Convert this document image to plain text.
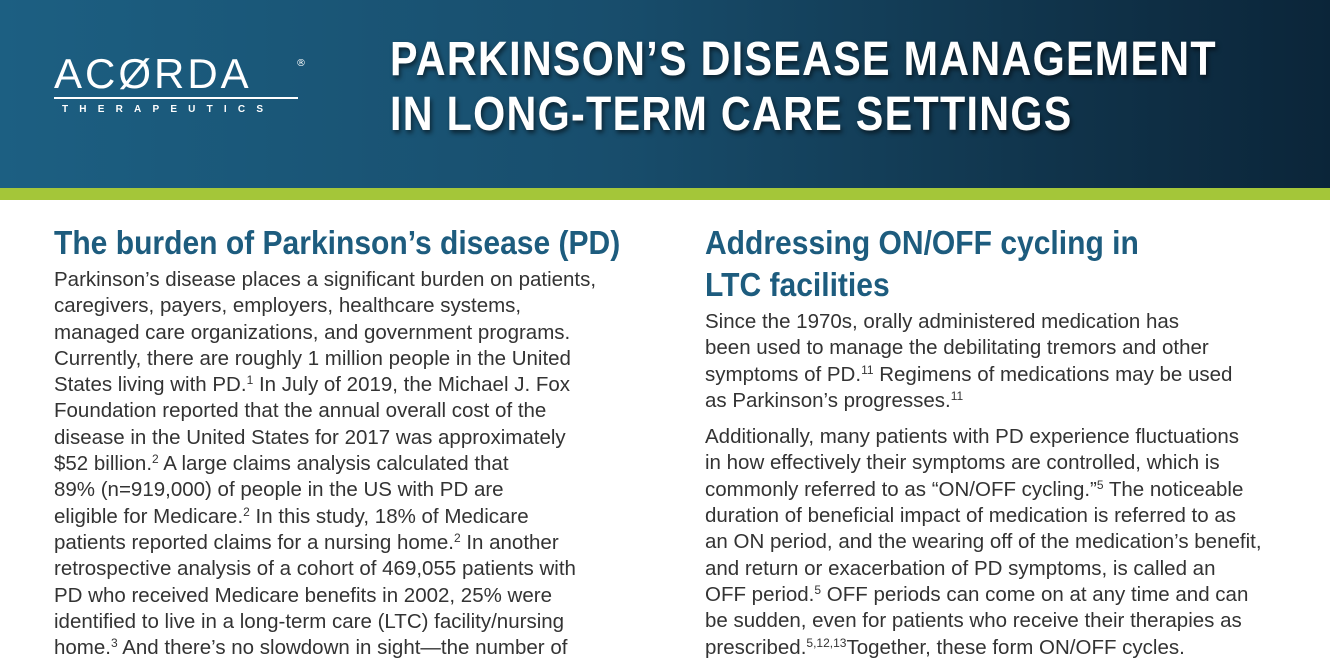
ACØRDA	®
THERAPEUTICS
PARKINSON’S DISEASE MANAGEMENT
IN LONG-TERM CARE SETTINGS
The burden of Parkinson’s disease (PD)
Parkinson’s disease places a significant burden on patients,
caregivers, payers, employers, healthcare systems,
managed care organizations, and government programs.
Currently, there are roughly 1 million people in the United
States living with PD.$^1$ In July of 2019, the Michael J. Fox
Foundation reported that the annual overall cost of the
disease in the United States for 2017 was approximately
$52 billion.$^2$ A large claims analysis calculated that
89% (n=919,000) of people in the US with PD are
eligible for Medicare.$^2$ In this study, 18% of Medicare
patients reported claims for a nursing home.$^2$ In another
retrospective analysis of a cohort of 469,055 patients with
PD who received Medicare benefits in 2002, 25% were
identified to live in a long-term care (LTC) facility/nursing
home.$^3$ And there’s no slowdown in sight—the number of
Addressing ON/OFF cycling in
LTC facilities
Since the 1970s, orally administered medication has
been used to manage the debilitating tremors and other
symptoms of PD.$^{11}$ Regimens of medications may be used
as Parkinson’s progresses.$^{11}$
Additionally, many patients with PD experience fluctuations
in how effectively their symptoms are controlled, which is
commonly referred to as “ON/OFF cycling.”$^5$ The noticeable
duration of beneficial impact of medication is referred to as
an ON period, and the wearing off of the medication’s benefit,
and return or exacerbation of PD symptoms, is called an
OFF period.$^5$ OFF periods can come on at any time and can
be sudden, even for patients who receive their therapies as
prescribed.$^{5,12,13}$Together, these form ON/OFF cycles.
